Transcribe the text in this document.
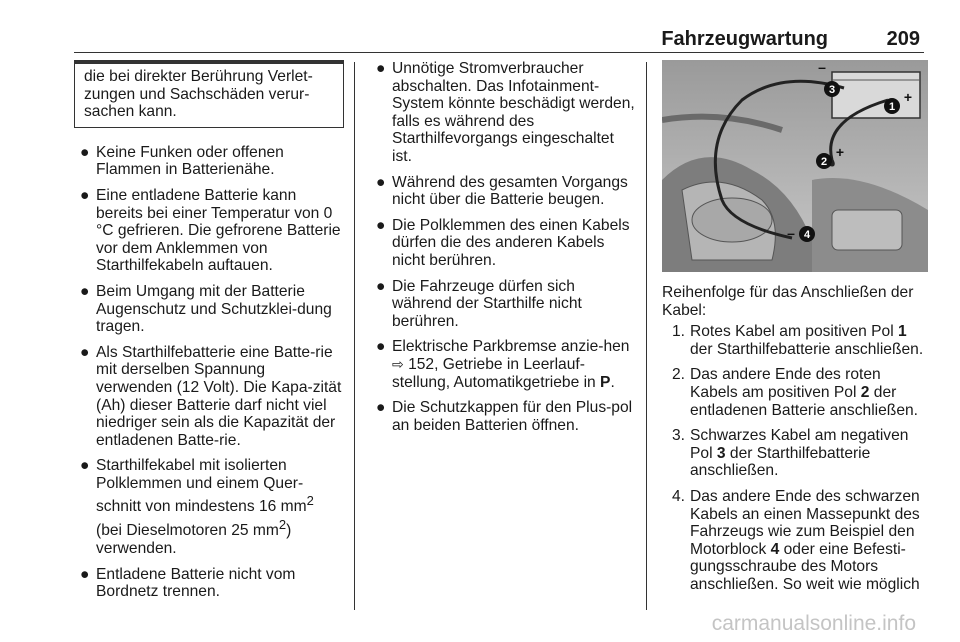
Fahrzeugwartung	209
die bei direkter Berührung Verlet-zungen und Sachschäden verur-sachen kann.
● Keine Funken oder offenen Flammen in Batterienähe.
● Eine entladene Batterie kann bereits bei einer Temperatur von 0 °C gefrieren. Die gefrorene Batterie vor dem Anklemmen von Starthilfekabeln auftauen.
● Beim Umgang mit der Batterie Augenschutz und Schutzklei-dung tragen.
● Als Starthilfebatterie eine Batte-rie mit derselben Spannung verwenden (12 Volt). Die Kapa-zität (Ah) dieser Batterie darf nicht viel niedriger sein als die Kapazität der entladenen Batte-rie.
● Starthilfekabel mit isolierten Polklemmen und einem Quer-schnitt von mindestens 16 $mm^2$ (bei Dieselmotoren 25 $mm^2$) verwenden.
● Entladene Batterie nicht vom Bordnetz trennen.
● Unnötige Stromverbraucher abschalten. Das Infotainment-System könnte beschädigt werden, falls es während des Starthilfevorgangs eingeschaltet ist.
● Während des gesamten Vorgangs nicht über die Batterie beugen.
● Die Polklemmen des einen Kabels dürfen die des anderen Kabels nicht berühren.
● Die Fahrzeuge dürfen sich während der Starthilfe nicht berühren.
● Elektrische Parkbremse anzie-hen ⇨ 152, Getriebe in Leerlauf-stellung, Automatikgetriebe in P.
● Die Schutzkappen für den Plus-pol an beiden Batterien öffnen.
3
–
1
+
2
+
4
–
Reihenfolge für das Anschließen der Kabel:
1. Rotes Kabel am positiven Pol 1 der Starthilfebatterie anschließen.
2. Das andere Ende des roten Kabels am positiven Pol 2 der entladenen Batterie anschließen.
3. Schwarzes Kabel am negativen Pol 3 der Starthilfebatterie anschließen.
4. Das andere Ende des schwarzen Kabels an einen Massepunkt des Fahrzeugs wie zum Beispiel den Motorblock 4 oder eine Befesti-gungsschraube des Motors anschließen. So weit wie möglich
carmanualsonline.info
